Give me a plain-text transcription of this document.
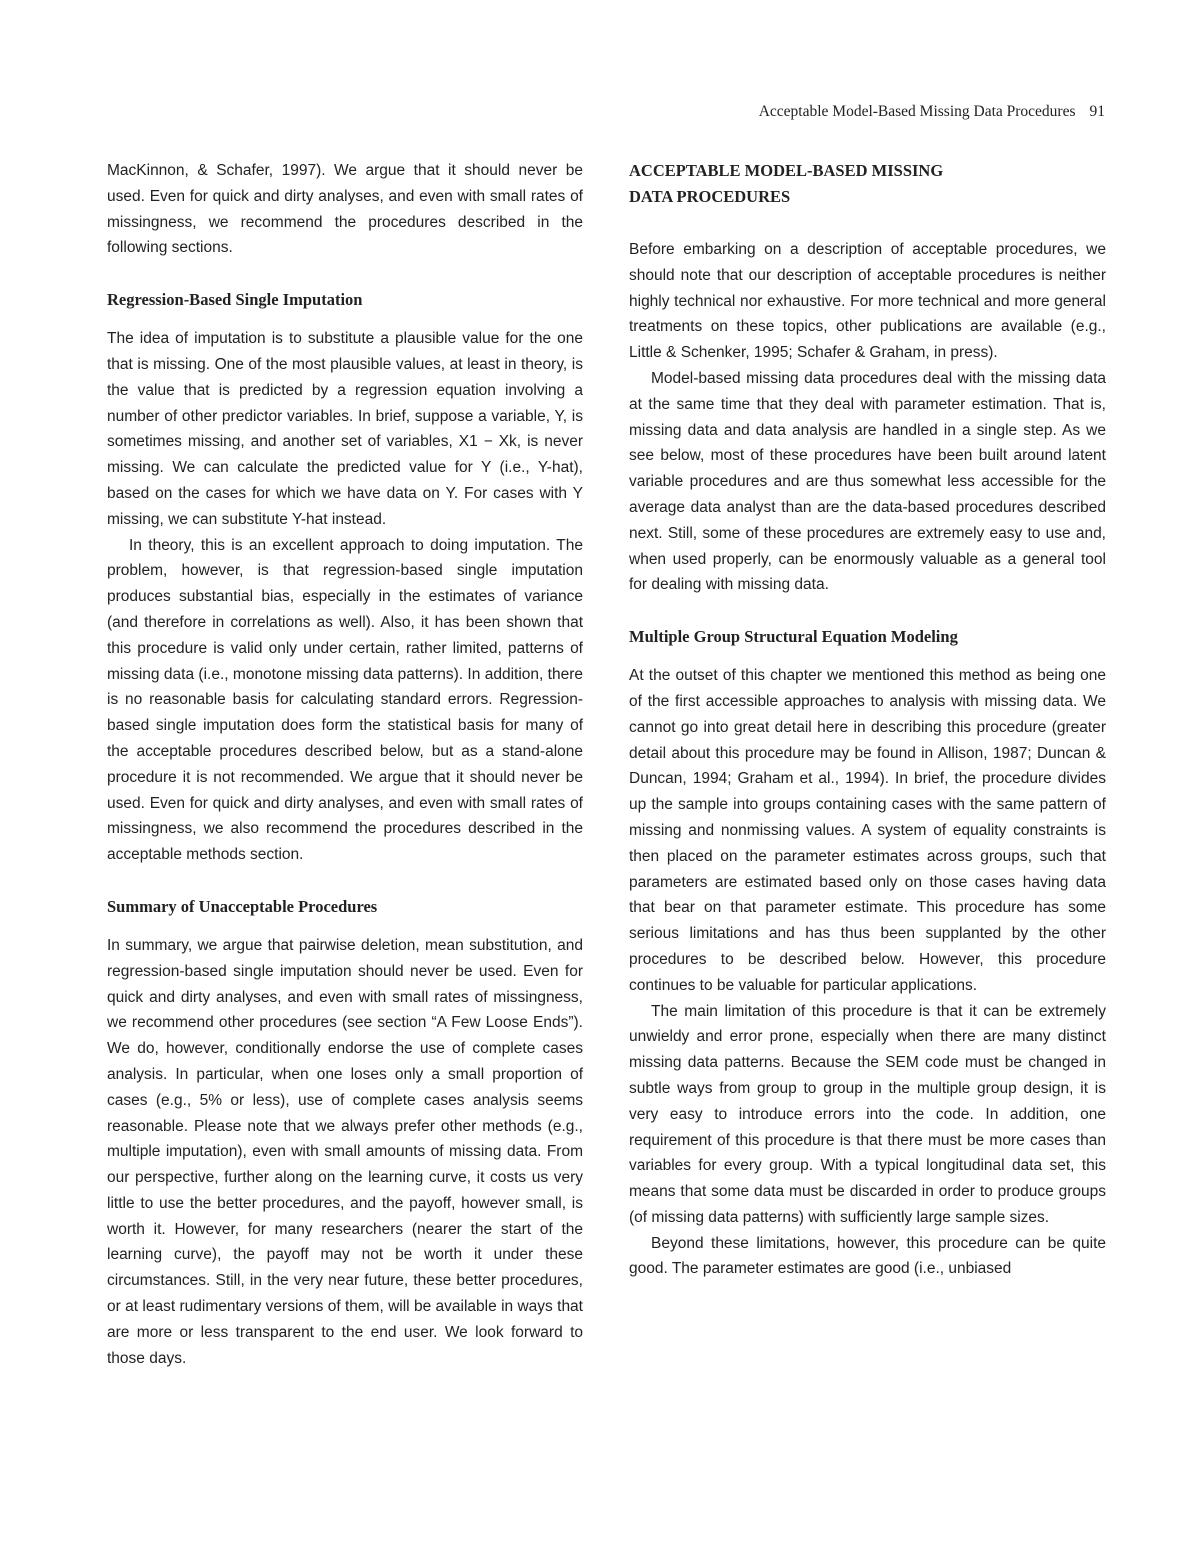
Acceptable Model-Based Missing Data Procedures 91

MacKinnon, & Schafer, 1997). We argue that it should never be used. Even for quick and dirty analyses, and even with small rates of missingness, we recommend the procedures described in the following sections.

Regression-Based Single Imputation

The idea of imputation is to substitute a plausible value for the one that is missing. One of the most plausible values, at least in theory, is the value that is predicted by a regression equation involving a number of other predictor variables. In brief, suppose a variable, Y, is sometimes missing, and another set of variables, X1 − Xk, is never missing. We can calculate the predicted value for Y (i.e., Y-hat), based on the cases for which we have data on Y. For cases with Y missing, we can substitute Y-hat instead.

In theory, this is an excellent approach to doing imputation. The problem, however, is that regression-based single imputation produces substantial bias, especially in the estimates of variance (and therefore in correlations as well). Also, it has been shown that this procedure is valid only under certain, rather limited, patterns of missing data (i.e., monotone missing data patterns). In addition, there is no reasonable basis for calculating standard errors. Regression-based single imputation does form the statistical basis for many of the acceptable procedures described below, but as a stand-alone procedure it is not recommended. We argue that it should never be used. Even for quick and dirty analyses, and even with small rates of missingness, we also recommend the procedures described in the acceptable methods section.

Summary of Unacceptable Procedures

In summary, we argue that pairwise deletion, mean substitution, and regression-based single imputation should never be used. Even for quick and dirty analyses, and even with small rates of missingness, we recommend other procedures (see section “A Few Loose Ends”). We do, however, conditionally endorse the use of complete cases analysis. In particular, when one loses only a small proportion of cases (e.g., 5% or less), use of complete cases analysis seems reasonable. Please note that we always prefer other methods (e.g., multiple imputation), even with small amounts of missing data. From our perspective, further along on the learning curve, it costs us very little to use the better procedures, and the payoff, however small, is worth it. However, for many researchers (nearer the start of the learning curve), the payoff may not be worth it under these circumstances. Still, in the very near future, these better procedures, or at least rudimentary versions of them, will be available in ways that are more or less transparent to the end user. We look forward to those days.

ACCEPTABLE MODEL-BASED MISSING
DATA PROCEDURES

Before embarking on a description of acceptable procedures, we should note that our description of acceptable procedures is neither highly technical nor exhaustive. For more technical and more general treatments on these topics, other publications are available (e.g., Little & Schenker, 1995; Schafer & Graham, in press).

Model-based missing data procedures deal with the missing data at the same time that they deal with parameter estimation. That is, missing data and data analysis are handled in a single step. As we see below, most of these procedures have been built around latent variable procedures and are thus somewhat less accessible for the average data analyst than are the data-based procedures described next. Still, some of these procedures are extremely easy to use and, when used properly, can be enormously valuable as a general tool for dealing with missing data.

Multiple Group Structural Equation Modeling

At the outset of this chapter we mentioned this method as being one of the first accessible approaches to analysis with missing data. We cannot go into great detail here in describing this procedure (greater detail about this procedure may be found in Allison, 1987; Duncan & Duncan, 1994; Graham et al., 1994). In brief, the procedure divides up the sample into groups containing cases with the same pattern of missing and nonmissing values. A system of equality constraints is then placed on the parameter estimates across groups, such that parameters are estimated based only on those cases having data that bear on that parameter estimate. This procedure has some serious limitations and has thus been supplanted by the other procedures to be described below. However, this procedure continues to be valuable for particular applications.

The main limitation of this procedure is that it can be extremely unwieldy and error prone, especially when there are many distinct missing data patterns. Because the SEM code must be changed in subtle ways from group to group in the multiple group design, it is very easy to introduce errors into the code. In addition, one requirement of this procedure is that there must be more cases than variables for every group. With a typical longitudinal data set, this means that some data must be discarded in order to produce groups (of missing data patterns) with sufficiently large sample sizes.

Beyond these limitations, however, this procedure can be quite good. The parameter estimates are good (i.e., unbiased
